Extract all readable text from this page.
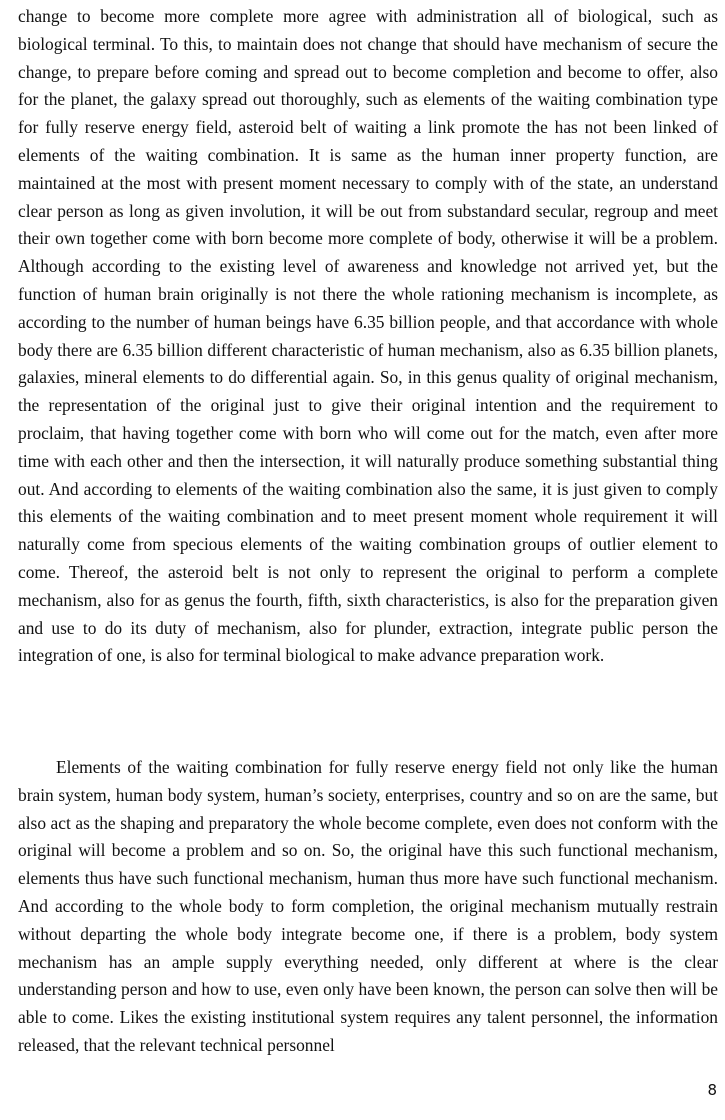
change to become more complete more agree with administration all of biological, such as biological terminal. To this, to maintain does not change that should have mechanism of secure the change, to prepare before coming and spread out to become completion and become to offer, also for the planet, the galaxy spread out thoroughly, such as elements of the waiting combination type for fully reserve energy field, asteroid belt of waiting a link promote the has not been linked of elements of the waiting combination. It is same as the human inner property function, are maintained at the most with present moment necessary to comply with of the state, an understand clear person as long as given involution, it will be out from substandard secular, regroup and meet their own together come with born become more complete of body, otherwise it will be a problem. Although according to the existing level of awareness and knowledge not arrived yet, but the function of human brain originally is not there the whole rationing mechanism is incomplete, as according to the number of human beings have 6.35 billion people, and that accordance with whole body there are 6.35 billion different characteristic of human mechanism, also as 6.35 billion planets, galaxies, mineral elements to do differential again. So, in this genus quality of original mechanism, the representation of the original just to give their original intention and the requirement to proclaim, that having together come with born who will come out for the match, even after more time with each other and then the intersection, it will naturally produce something substantial thing out. And according to elements of the waiting combination also the same, it is just given to comply this elements of the waiting combination and to meet present moment whole requirement it will naturally come from specious elements of the waiting combination groups of outlier element to come. Thereof, the asteroid belt is not only to represent the original to perform a complete mechanism, also for as genus the fourth, fifth, sixth characteristics, is also for the preparation given and use to do its duty of mechanism, also for plunder, extraction, integrate public person the integration of one, is also for terminal biological to make advance preparation work.

Elements of the waiting combination for fully reserve energy field not only like the human brain system, human body system, human’s society, enterprises, country and so on are the same, but also act as the shaping and preparatory the whole become complete, even does not conform with the original will become a problem and so on. So, the original have this such functional mechanism, elements thus have such functional mechanism, human thus more have such functional mechanism. And according to the whole body to form completion, the original mechanism mutually restrain without departing the whole body integrate become one, if there is a problem, body system mechanism has an ample supply everything needed, only different at where is the clear understanding person and how to use, even only have been known, the person can solve then will be able to come. Likes the existing institutional system requires any talent personnel, the information released, that the relevant technical personnel

8
